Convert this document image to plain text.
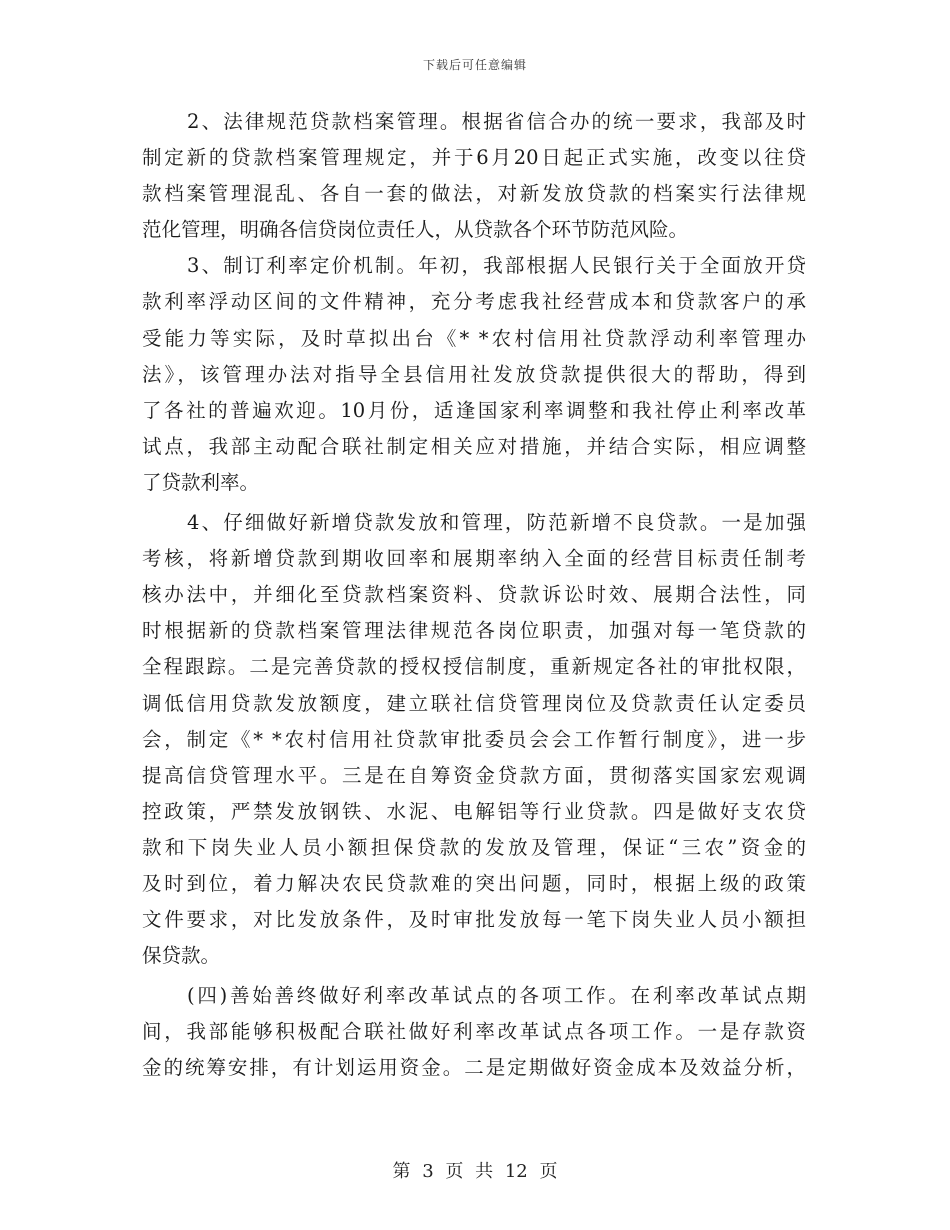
下载后可任意编辑
2、法律规范贷款档案管理。根据省信合办的统一要求，我部及时
制定新的贷款档案管理规定，并于6月20日起正式实施，改变以往贷
款档案管理混乱、各自一套的做法，对新发放贷款的档案实行法律规
范化管理，明确各信贷岗位责任人，从贷款各个环节防范风险。
3、制订利率定价机制。年初，我部根据人民银行关于全面放开贷
款利率浮动区间的文件精神，充分考虑我社经营成本和贷款客户的承
受能力等实际，及时草拟出台《* *农村信用社贷款浮动利率管理办
法》，该管理办法对指导全县信用社发放贷款提供很大的帮助，得到
了各社的普遍欢迎。10月份，适逢国家利率调整和我社停止利率改革
试点，我部主动配合联社制定相关应对措施，并结合实际，相应调整
了贷款利率。
4、仔细做好新增贷款发放和管理，防范新增不良贷款。一是加强
考核，将新增贷款到期收回率和展期率纳入全面的经营目标责任制考
核办法中，并细化至贷款档案资料、贷款诉讼时效、展期合法性，同
时根据新的贷款档案管理法律规范各岗位职责，加强对每一笔贷款的
全程跟踪。二是完善贷款的授权授信制度，重新规定各社的审批权限，
调低信用贷款发放额度，建立联社信贷管理岗位及贷款责任认定委员
会，制定《* *农村信用社贷款审批委员会会工作暂行制度》，进一步
提高信贷管理水平。三是在自筹资金贷款方面，贯彻落实国家宏观调
控政策，严禁发放钢铁、水泥、电解铝等行业贷款。四是做好支农贷
款和下岗失业人员小额担保贷款的发放及管理，保证“三农”资金的
及时到位，着力解决农民贷款难的突出问题，同时，根据上级的政策
文件要求，对比发放条件，及时审批发放每一笔下岗失业人员小额担
保贷款。
(四)善始善终做好利率改革试点的各项工作。在利率改革试点期
间，我部能够积极配合联社做好利率改革试点各项工作。一是存款资
金的统筹安排，有计划运用资金。二是定期做好资金成本及效益分析，
第 3 页 共 12 页
